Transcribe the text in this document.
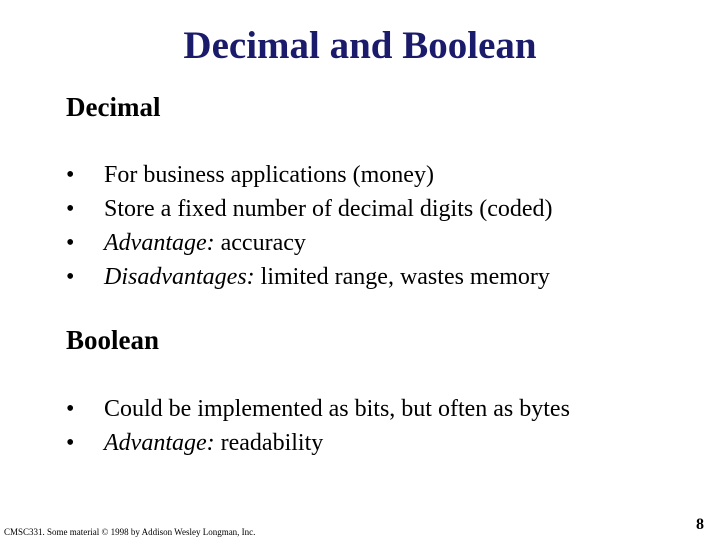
Decimal and Boolean
Decimal
•	For business applications (money)
•	Store a fixed number of decimal digits (coded)
•	Advantage: accuracy
•	Disadvantages: limited range, wastes memory
Boolean
•	Could be implemented as bits, but often as bytes
•	Advantage: readability
CMSC331. Some material © 1998 by Addison Wesley Longman, Inc.	8
